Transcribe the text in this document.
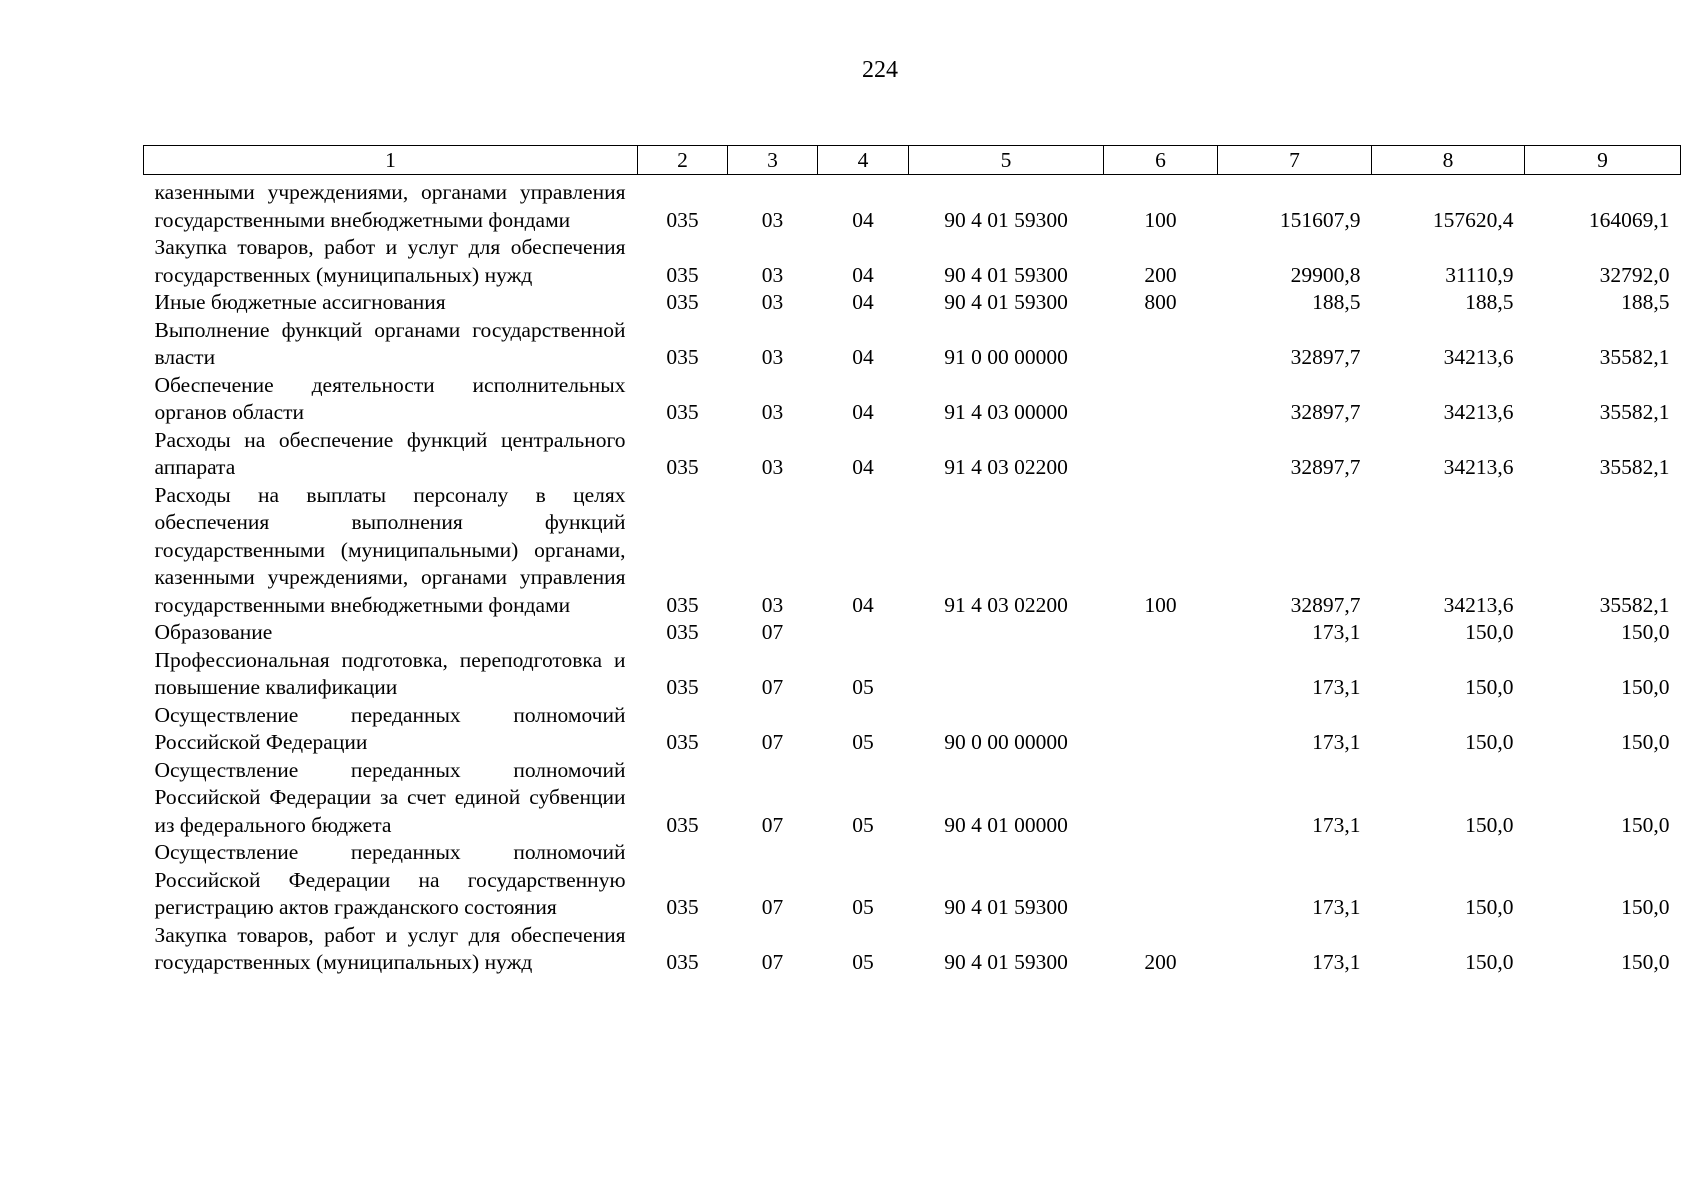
224
1	2	3	4	5	6	7	8	9
казенными учреждениями, органами управления государственными внебюджетными фондами	035	03	04	90 4 01 59300	100	151607,9	157620,4	164069,1
Закупка товаров, работ и услуг для обеспечения государственных (муниципальных) нужд	035	03	04	90 4 01 59300	200	29900,8	31110,9	32792,0
Иные бюджетные ассигнования	035	03	04	90 4 01 59300	800	188,5	188,5	188,5
Выполнение функций органами государственной власти	035	03	04	91 0 00 00000		32897,7	34213,6	35582,1
Обеспечение деятельности исполнительных органов области	035	03	04	91 4 03 00000		32897,7	34213,6	35582,1
Расходы на обеспечение функций центрального аппарата	035	03	04	91 4 03 02200		32897,7	34213,6	35582,1
Расходы на выплаты персоналу в целях обеспечения выполнения функций государственными (муниципальными) органами, казенными учреждениями, органами управления государственными внебюджетными фондами	035	03	04	91 4 03 02200	100	32897,7	34213,6	35582,1
Образование	035	07				173,1	150,0	150,0
Профессиональная подготовка, переподготовка и повышение квалификации	035	07	05			173,1	150,0	150,0
Осуществление переданных полномочий Российской Федерации	035	07	05	90 0 00 00000		173,1	150,0	150,0
Осуществление переданных полномочий Российской Федерации за счет единой субвенции из федерального бюджета	035	07	05	90 4 01 00000		173,1	150,0	150,0
Осуществление переданных полномочий Российской Федерации на государственную регистрацию актов гражданского состояния	035	07	05	90 4 01 59300		173,1	150,0	150,0
Закупка товаров, работ и услуг для обеспечения государственных (муниципальных) нужд	035	07	05	90 4 01 59300	200	173,1	150,0	150,0
